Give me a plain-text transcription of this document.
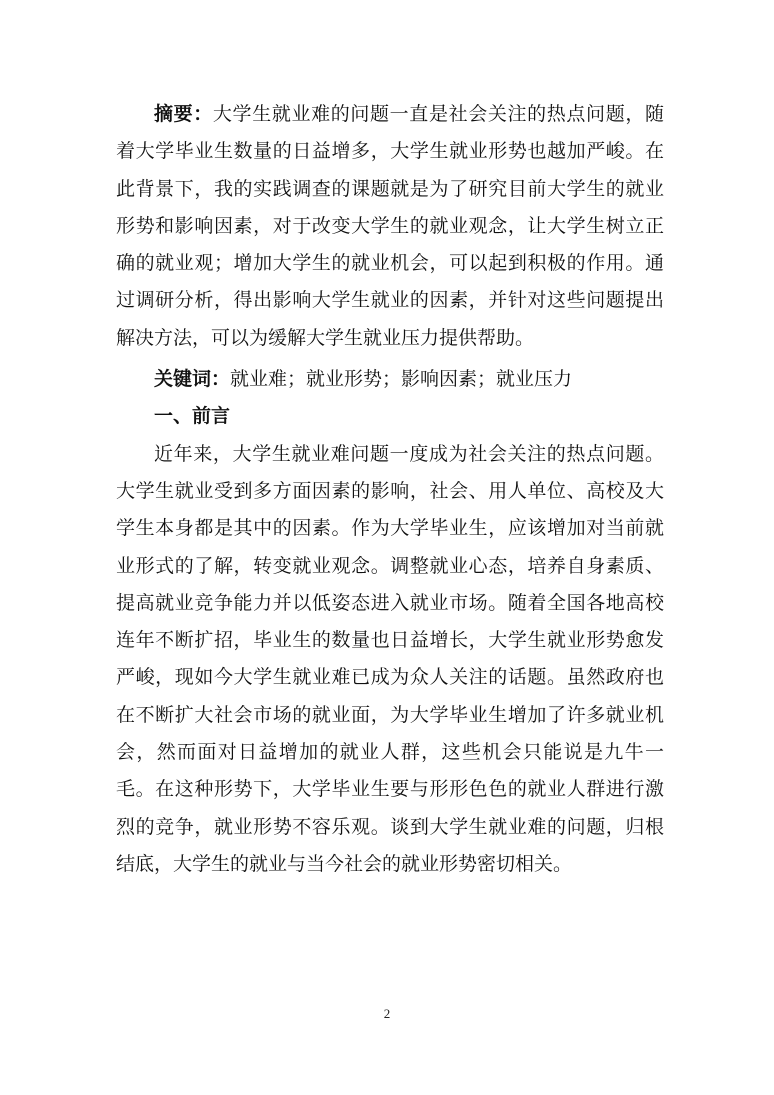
摘要：大学生就业难的问题一直是社会关注的热点问题，随着大学毕业生数量的日益增多，大学生就业形势也越加严峻。在此背景下，我的实践调查的课题就是为了研究目前大学生的就业形势和影响因素，对于改变大学生的就业观念，让大学生树立正确的就业观；增加大学生的就业机会，可以起到积极的作用。通过调研分析，得出影响大学生就业的因素，并针对这些问题提出解决方法，可以为缓解大学生就业压力提供帮助。

关键词：就业难；就业形势；影响因素；就业压力

一、前言

近年来，大学生就业难问题一度成为社会关注的热点问题。大学生就业受到多方面因素的影响，社会、用人单位、高校及大学生本身都是其中的因素。作为大学毕业生，应该增加对当前就业形式的了解，转变就业观念。调整就业心态，培养自身素质、提高就业竞争能力并以低姿态进入就业市场。随着全国各地高校连年不断扩招，毕业生的数量也日益增长，大学生就业形势愈发严峻，现如今大学生就业难已成为众人关注的话题。虽然政府也在不断扩大社会市场的就业面，为大学毕业生增加了许多就业机会，然而面对日益增加的就业人群，这些机会只能说是九牛一毛。在这种形势下，大学毕业生要与形形色色的就业人群进行激烈的竞争，就业形势不容乐观。谈到大学生就业难的问题，归根结底，大学生的就业与当今社会的就业形势密切相关。

2
